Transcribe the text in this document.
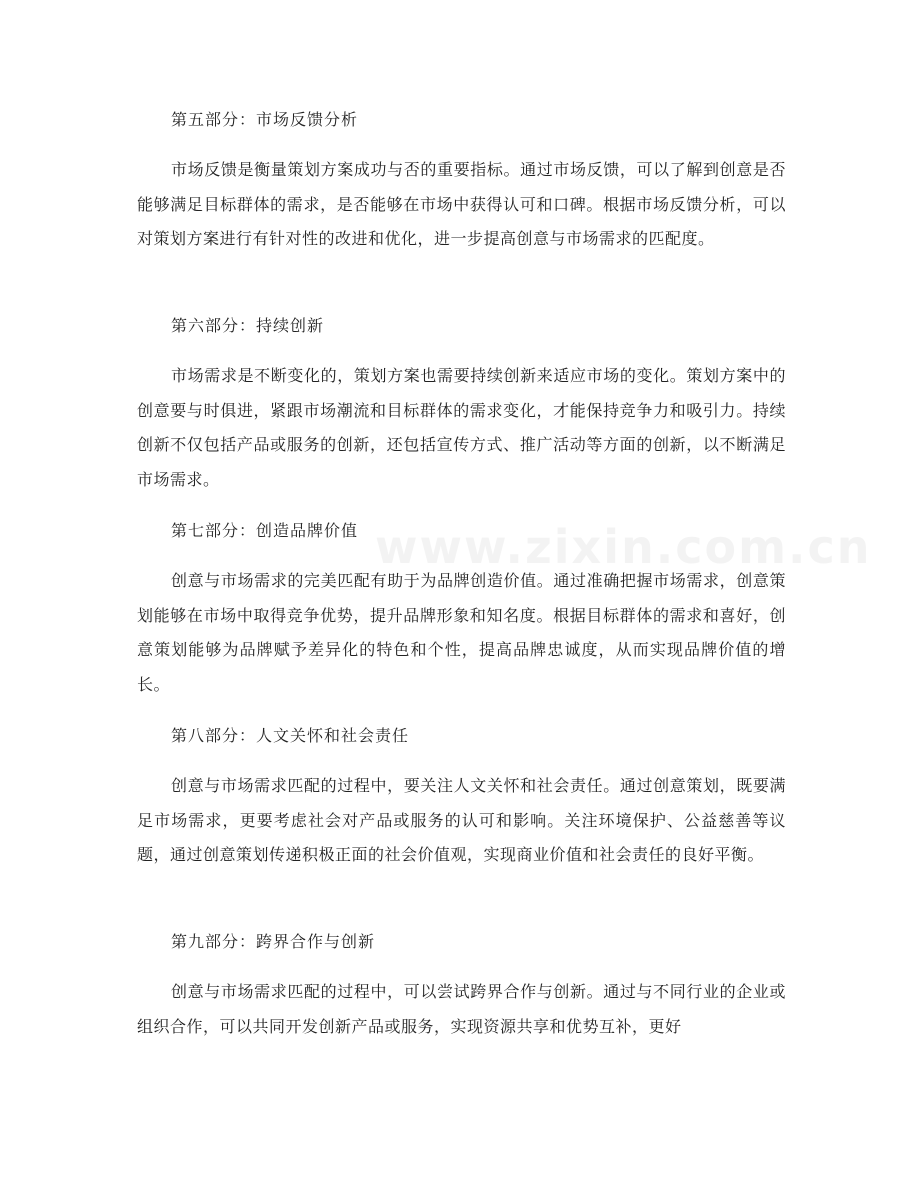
www.zixin.com.cn
第五部分：市场反馈分析

市场反馈是衡量策划方案成功与否的重要指标。通过市场反馈，可以了解到创意是否能够满足目标群体的需求，是否能够在市场中获得认可和口碑。根据市场反馈分析，可以对策划方案进行有针对性的改进和优化，进一步提高创意与市场需求的匹配度。

第六部分：持续创新

市场需求是不断变化的，策划方案也需要持续创新来适应市场的变化。策划方案中的创意要与时俱进，紧跟市场潮流和目标群体的需求变化，才能保持竞争力和吸引力。持续创新不仅包括产品或服务的创新，还包括宣传方式、推广活动等方面的创新，以不断满足市场需求。

第七部分：创造品牌价值

创意与市场需求的完美匹配有助于为品牌创造价值。通过准确把握市场需求，创意策划能够在市场中取得竞争优势，提升品牌形象和知名度。根据目标群体的需求和喜好，创意策划能够为品牌赋予差异化的特色和个性，提高品牌忠诚度，从而实现品牌价值的增长。

第八部分：人文关怀和社会责任

创意与市场需求匹配的过程中，要关注人文关怀和社会责任。通过创意策划，既要满足市场需求，更要考虑社会对产品或服务的认可和影响。关注环境保护、公益慈善等议题，通过创意策划传递积极正面的社会价值观，实现商业价值和社会责任的良好平衡。

第九部分：跨界合作与创新

创意与市场需求匹配的过程中，可以尝试跨界合作与创新。通过与不同行业的企业或组织合作，可以共同开发创新产品或服务，实现资源共享和优势互补，更好
